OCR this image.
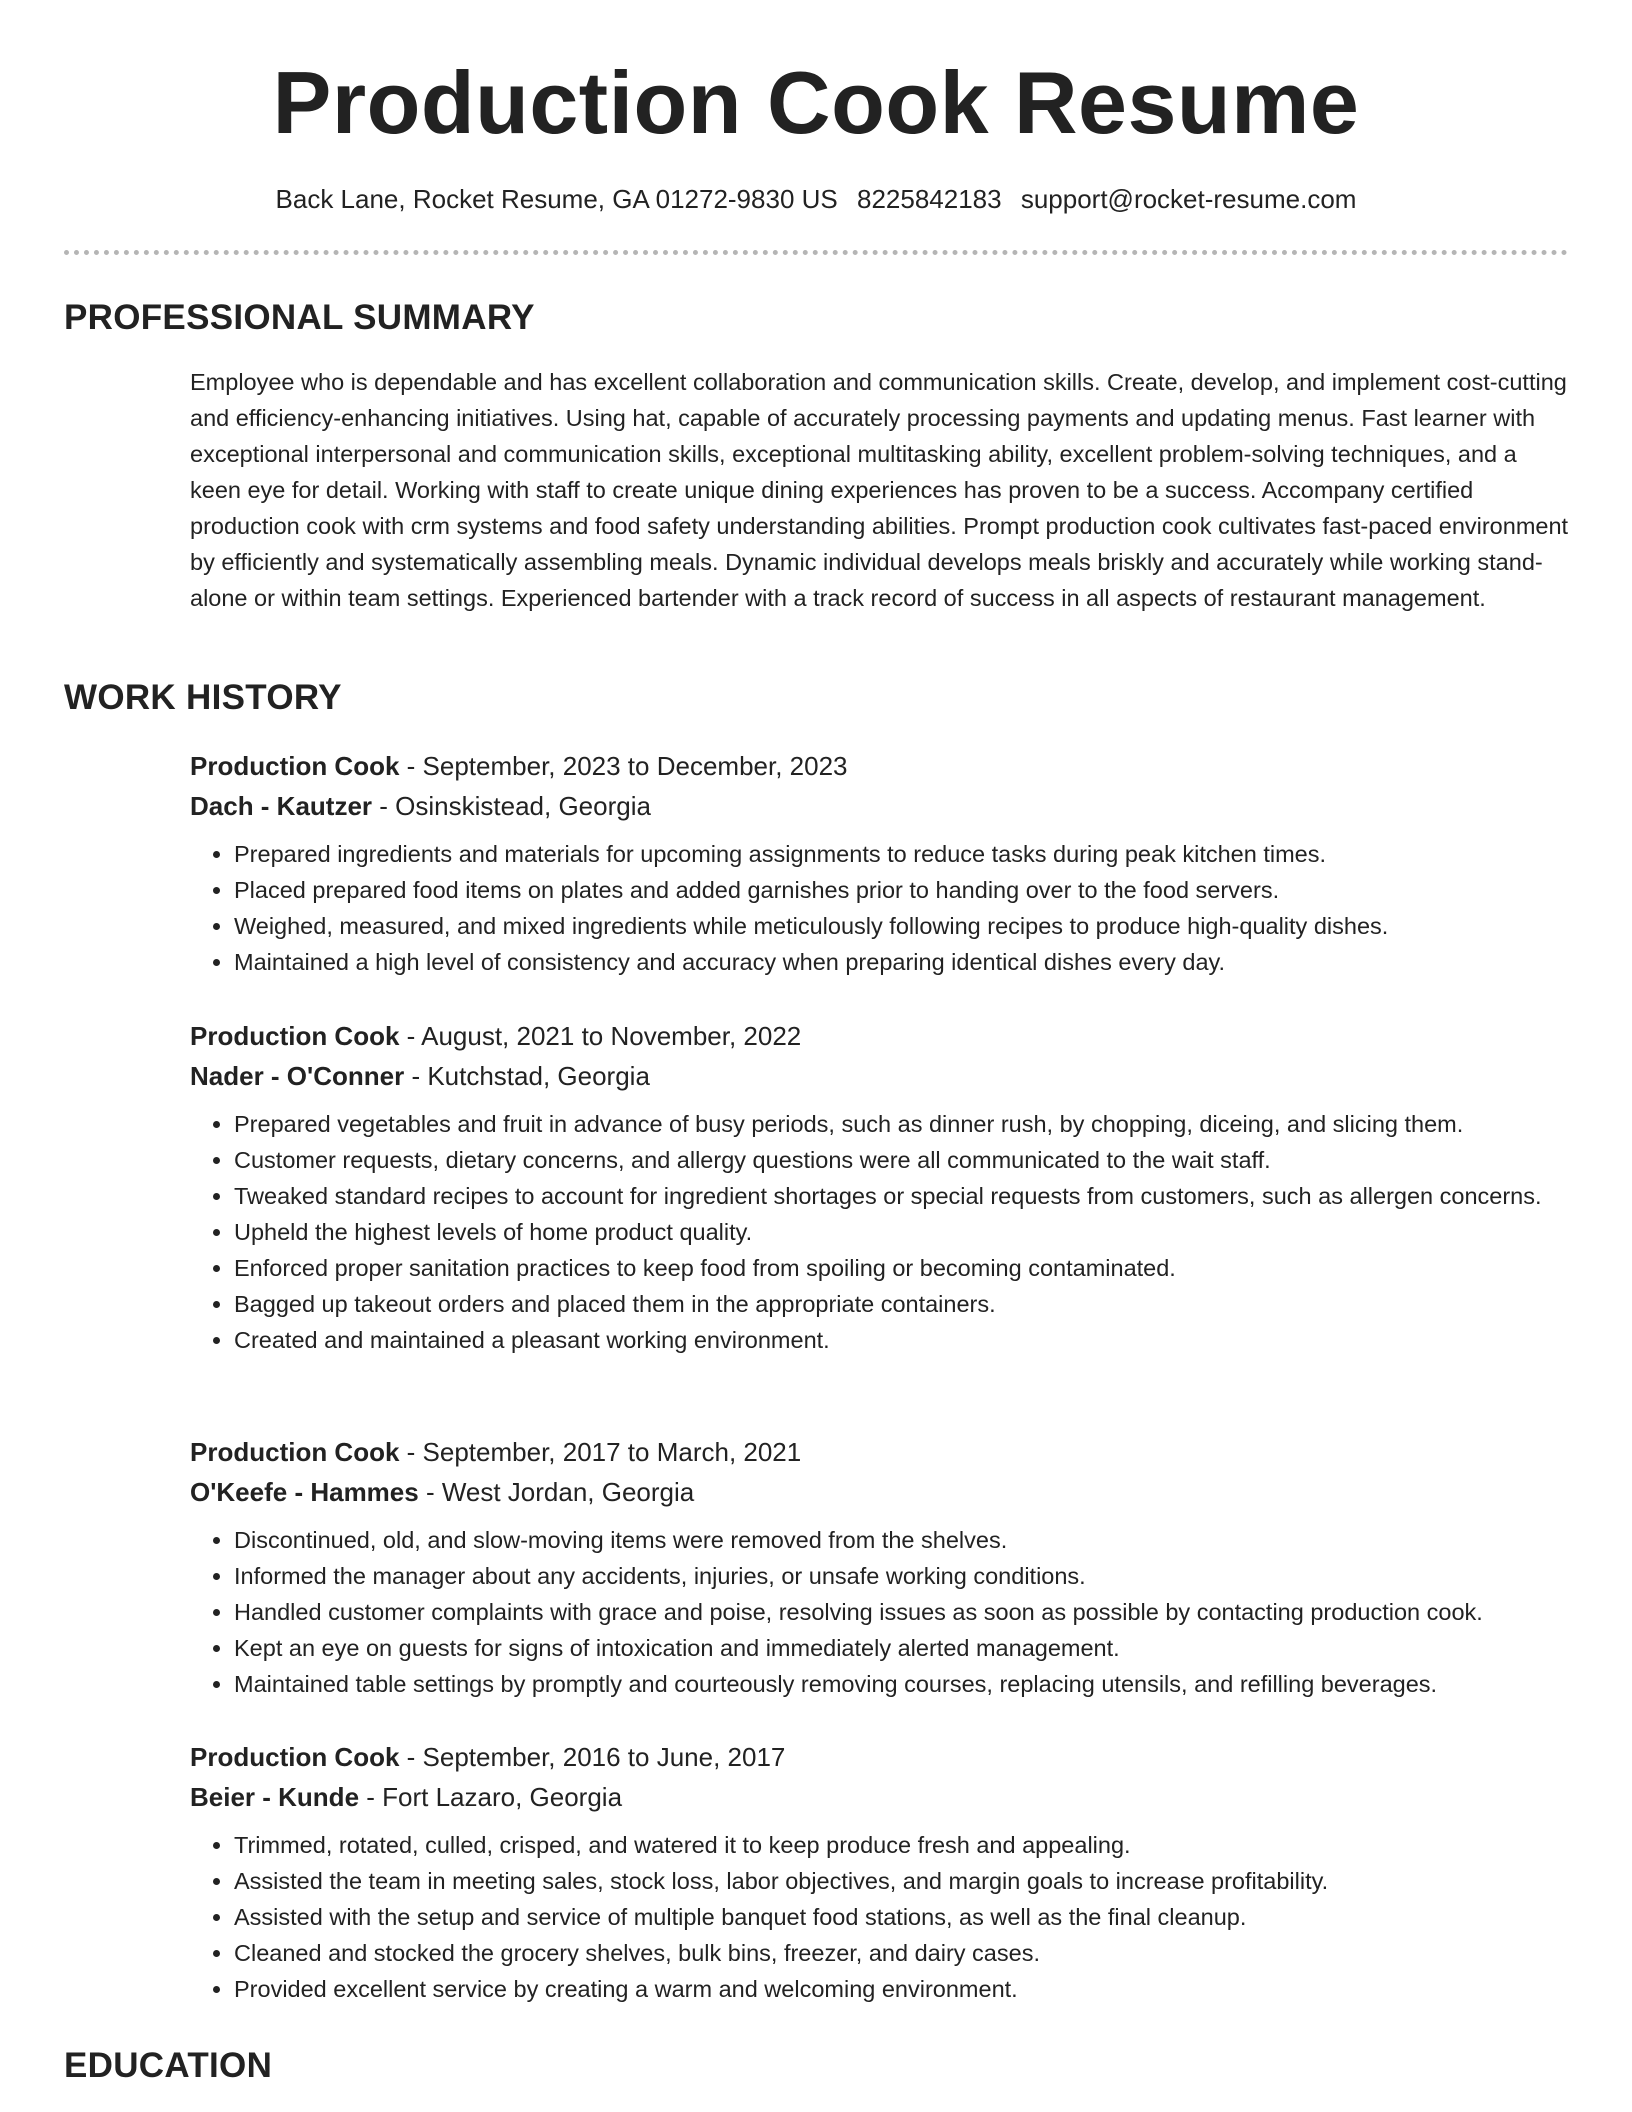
Production Cook Resume
Back Lane, Rocket Resume, GA 01272-9830 US 8225842183 support@rocket-resume.com
PROFESSIONAL SUMMARY

Employee who is dependable and has excellent collaboration and communication skills. Create, develop, and implement cost-cutting and efficiency-enhancing initiatives. Using hat, capable of accurately processing payments and updating menus. Fast learner with exceptional interpersonal and communication skills, exceptional multitasking ability, excellent problem-solving techniques, and a keen eye for detail. Working with staff to create unique dining experiences has proven to be a success. Accompany certified production cook with crm systems and food safety understanding abilities. Prompt production cook cultivates fast-paced environment by efficiently and systematically assembling meals. Dynamic individual develops meals briskly and accurately while working stand-alone or within team settings. Experienced bartender with a track record of success in all aspects of restaurant management.

WORK HISTORY
Production Cook - September, 2023 to December, 2023
Dach - Kautzer - Osinskistead, Georgia
• Prepared ingredients and materials for upcoming assignments to reduce tasks during peak kitchen times.
• Placed prepared food items on plates and added garnishes prior to handing over to the food servers.
• Weighed, measured, and mixed ingredients while meticulously following recipes to produce high-quality dishes.
• Maintained a high level of consistency and accuracy when preparing identical dishes every day.
Production Cook - August, 2021 to November, 2022
Nader - O'Conner - Kutchstad, Georgia
• Prepared vegetables and fruit in advance of busy periods, such as dinner rush, by chopping, diceing, and slicing them.
• Customer requests, dietary concerns, and allergy questions were all communicated to the wait staff.
• Tweaked standard recipes to account for ingredient shortages or special requests from customers, such as allergen concerns.
• Upheld the highest levels of home product quality.
• Enforced proper sanitation practices to keep food from spoiling or becoming contaminated.
• Bagged up takeout orders and placed them in the appropriate containers.
• Created and maintained a pleasant working environment.
Production Cook - September, 2017 to March, 2021
O'Keefe - Hammes - West Jordan, Georgia
• Discontinued, old, and slow-moving items were removed from the shelves.
• Informed the manager about any accidents, injuries, or unsafe working conditions.
• Handled customer complaints with grace and poise, resolving issues as soon as possible by contacting production cook.
• Kept an eye on guests for signs of intoxication and immediately alerted management.
• Maintained table settings by promptly and courteously removing courses, replacing utensils, and refilling beverages.
Production Cook - September, 2016 to June, 2017
Beier - Kunde - Fort Lazaro, Georgia
• Trimmed, rotated, culled, crisped, and watered it to keep produce fresh and appealing.
• Assisted the team in meeting sales, stock loss, labor objectives, and margin goals to increase profitability.
• Assisted with the setup and service of multiple banquet food stations, as well as the final cleanup.
• Cleaned and stocked the grocery shelves, bulk bins, freezer, and dairy cases.
• Provided excellent service by creating a warm and welcoming environment.
EDUCATION
